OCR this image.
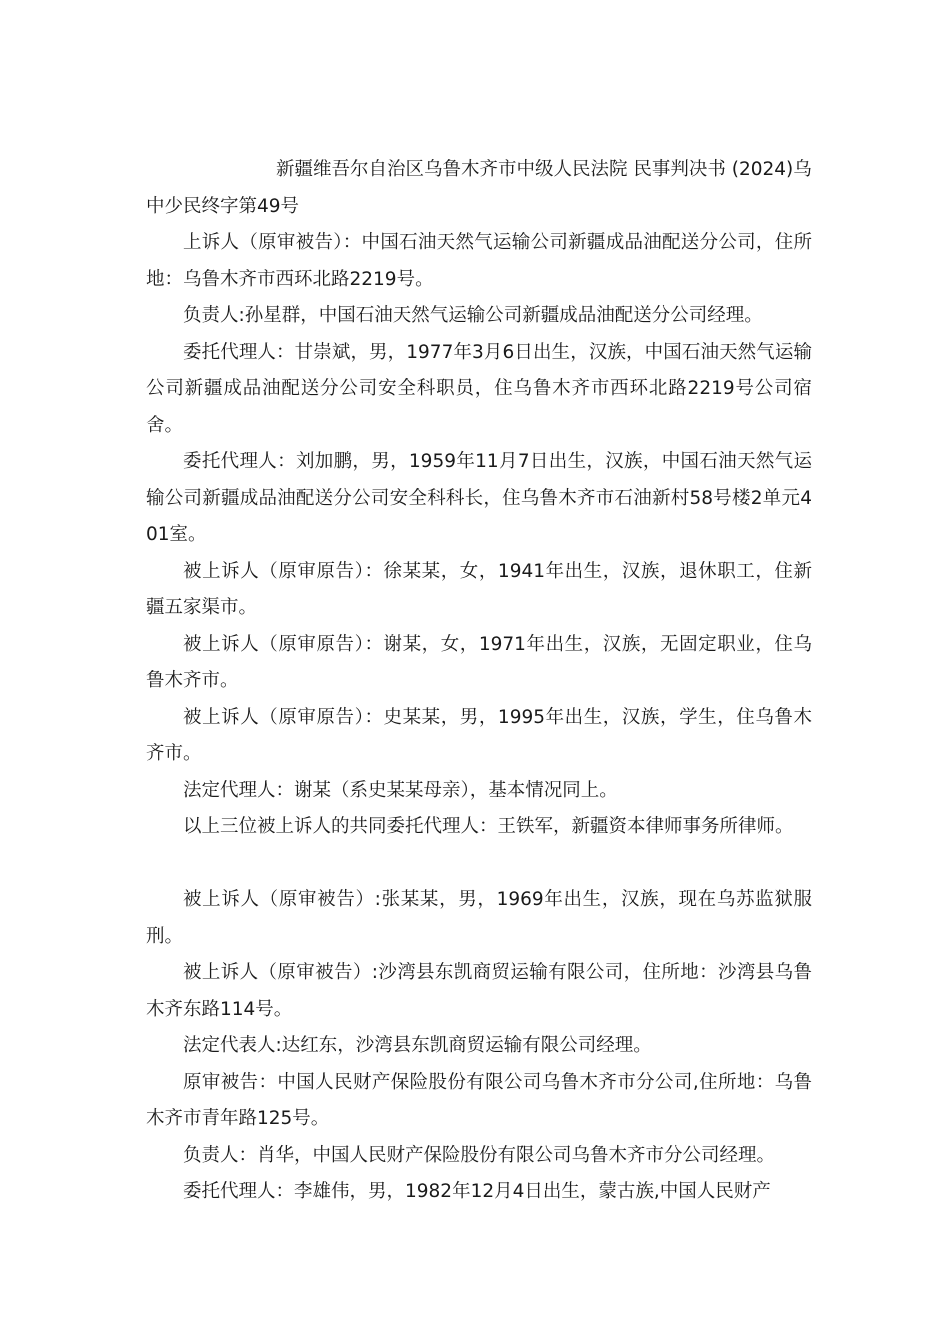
新疆维吾尔自治区乌鲁木齐市中级人民法院 民事判决书 (2024)乌中少民终字第49号

上诉人（原审被告）：中国石油天然气运输公司新疆成品油配送分公司，住所地：乌鲁木齐市西环北路2219号。

负责人:孙星群，中国石油天然气运输公司新疆成品油配送分公司经理。

委托代理人：甘崇斌，男，1977年3月6日出生，汉族，中国石油天然气运输公司新疆成品油配送分公司安全科职员，住乌鲁木齐市西环北路2219号公司宿舍。

委托代理人：刘加鹏，男，1959年11月7日出生，汉族，中国石油天然气运输公司新疆成品油配送分公司安全科科长，住乌鲁木齐市石油新村58号楼2单元401室。

被上诉人（原审原告）：徐某某，女，1941年出生，汉族，退休职工，住新疆五家渠市。

被上诉人（原审原告）：谢某，女，1971年出生，汉族，无固定职业，住乌鲁木齐市。

被上诉人（原审原告）：史某某，男，1995年出生，汉族，学生，住乌鲁木齐市。

法定代理人：谢某（系史某某母亲），基本情况同上。

以上三位被上诉人的共同委托代理人：王铁军，新疆资本律师事务所律师。

被上诉人（原审被告）:张某某，男，1969年出生，汉族，现在乌苏监狱服刑。

被上诉人（原审被告）:沙湾县东凯商贸运输有限公司，住所地：沙湾县乌鲁木齐东路114号。

法定代表人:达红东，沙湾县东凯商贸运输有限公司经理。

原审被告：中国人民财产保险股份有限公司乌鲁木齐市分公司,住所地：乌鲁木齐市青年路125号。

负责人：肖华，中国人民财产保险股份有限公司乌鲁木齐市分公司经理。

委托代理人：李雄伟，男，1982年12月4日出生，蒙古族,中国人民财产
